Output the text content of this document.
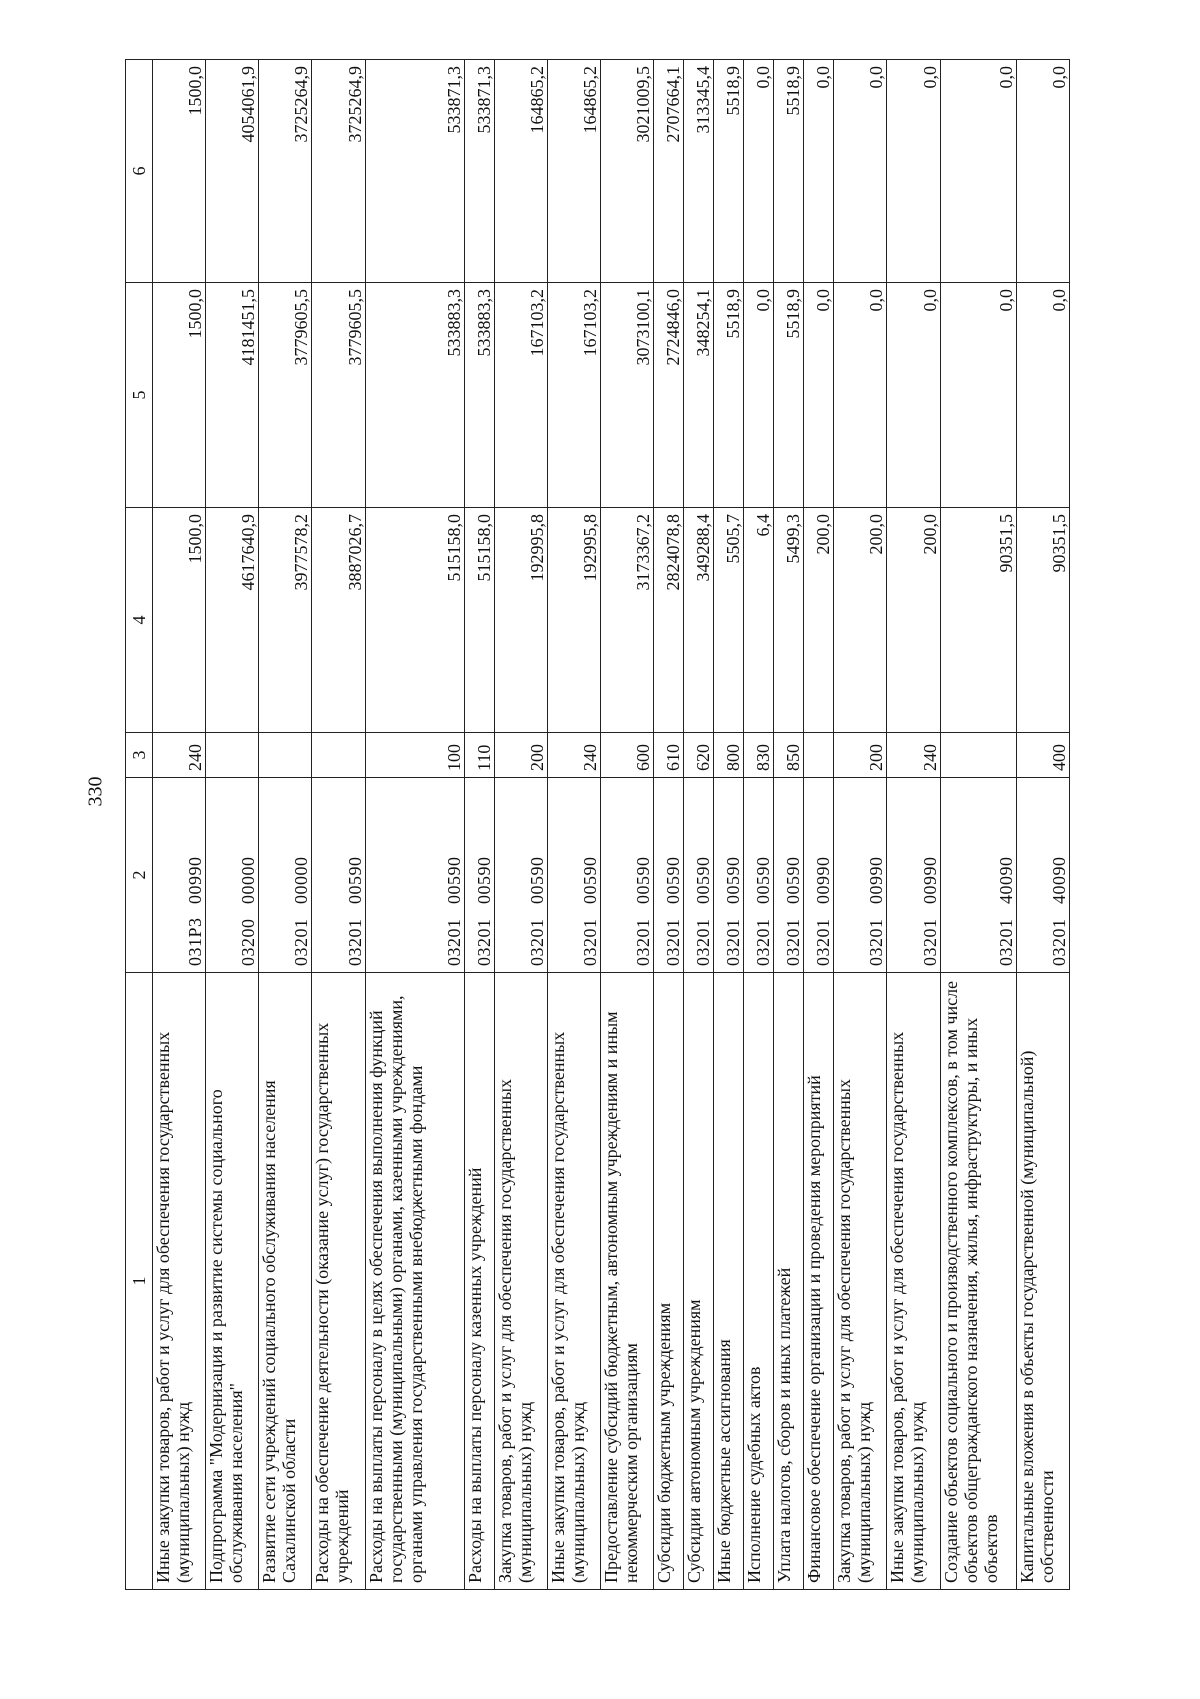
330
1	2	3	4	5	6
Иные закупки товаров, работ и услуг для обеспечения государственных (муниципальных) нужд	031P3  00990	240	1500,0	1500,0	1500,0
Подпрограмма "Модернизация и развитие системы социального обслуживания населения"	03200  00000		4617640,9	4181451,5	4054061,9
Развитие сети учреждений социального обслуживания населения Сахалинской области	03201  00000		3977578,2	3779605,5	3725264,9
Расходы на обеспечение деятельности (оказание услуг) государственных учреждений	03201  00590		3887026,7	3779605,5	3725264,9
Расходы на выплаты персоналу в целях обеспечения выполнения функций государственными (муниципальными) органами, казенными учреждениями, органами управления государственными внебюджетными фондами	03201  00590	100	515158,0	533883,3	533871,3
Расходы на выплаты персоналу казенных учреждений	03201  00590	110	515158,0	533883,3	533871,3
Закупка товаров, работ и услуг для обеспечения государственных (муниципальных) нужд	03201  00590	200	192995,8	167103,2	164865,2
Иные закупки товаров, работ и услуг для обеспечения государственных (муниципальных) нужд	03201  00590	240	192995,8	167103,2	164865,2
Предоставление субсидий бюджетным, автономным учреждениям и иным некоммерческим организациям	03201  00590	600	3173367,2	3073100,1	3021009,5
Субсидии бюджетным учреждениям	03201  00590	610	2824078,8	2724846,0	2707664,1
Субсидии автономным учреждениям	03201  00590	620	349288,4	348254,1	313345,4
Иные бюджетные ассигнования	03201  00590	800	5505,7	5518,9	5518,9
Исполнение судебных актов	03201  00590	830	6,4	0,0	0,0
Уплата налогов, сборов и иных платежей	03201  00590	850	5499,3	5518,9	5518,9
Финансовое обеспечение организации и проведения мероприятий	03201  00990		200,0	0,0	0,0
Закупка товаров, работ и услуг для обеспечения государственных (муниципальных) нужд	03201  00990	200	200,0	0,0	0,0
Иные закупки товаров, работ и услуг для обеспечения государственных (муниципальных) нужд	03201  00990	240	200,0	0,0	0,0
Создание объектов социального и производственного комплексов, в том числе объектов общегражданского назначения, жилья, инфраструктуры, и иных объектов	03201  40090		90351,5	0,0	0,0
Капитальные вложения в объекты государственной (муниципальной) собственности	03201  40090	400	90351,5	0,0	0,0
